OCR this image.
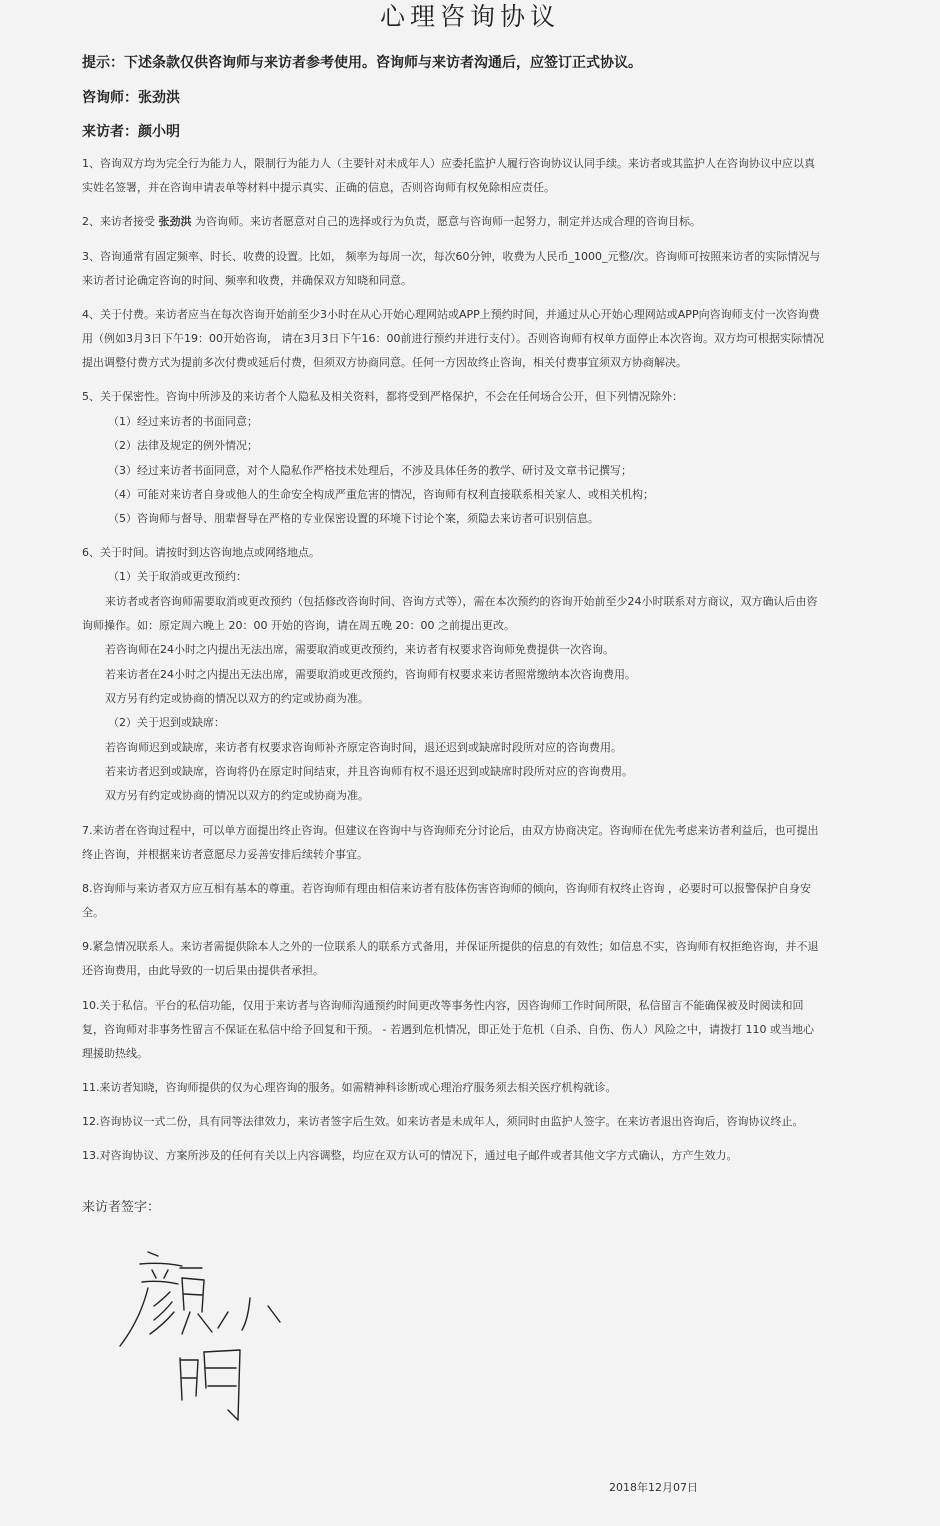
心理咨询协议
提示：下述条款仅供咨询师与来访者参考使用。咨询师与来访者沟通后，应签订正式协议。
咨询师：张劲洪
来访者：颜小明
1、咨询双方均为完全行为能力人，限制行为能力人（主要针对未成年人）应委托监护人履行咨询协议认同手续。来访者或其监护人在咨询协议中应以真
实姓名签署，并在咨询申请表单等材料中提示真实、正确的信息，否则咨询师有权免除相应责任。
2、来访者接受 张劲洪 为咨询师。来访者愿意对自己的选择或行为负责，愿意与咨询师一起努力，制定并达成合理的咨询目标。
3、咨询通常有固定频率、时长、收费的设置。比如， 频率为每周一次，每次60分钟，收费为人民币_1000_元整/次。咨询师可按照来访者的实际情况与
来访者讨论确定咨询的时间、频率和收费，并确保双方知晓和同意。
4、关于付费。来访者应当在每次咨询开始前至少3小时在从心开始心理网站或APP上预约时间，并通过从心开始心理网站或APP向咨询师支付一次咨询费
用（例如3月3日下午19：00开始咨询， 请在3月3日下午16：00前进行预约并进行支付）。否则咨询师有权单方面停止本次咨询。双方均可根据实际情况
提出调整付费方式为提前多次付费或延后付费，但须双方协商同意。任何一方因故终止咨询，相关付费事宜须双方协商解决。
5、关于保密性。咨询中所涉及的来访者个人隐私及相关资料，都将受到严格保护，不会在任何场合公开，但下列情况除外：
（1）经过来访者的书面同意；
（2）法律及规定的例外情况；
（3）经过来访者书面同意，对个人隐私作严格技术处理后，不涉及具体任务的教学、研讨及文章书记撰写；
（4）可能对来访者自身或他人的生命安全构成严重危害的情况，咨询师有权利直接联系相关家人、或相关机构；
（5）咨询师与督导、朋辈督导在严格的专业保密设置的环境下讨论个案，须隐去来访者可识别信息。
6、关于时间。请按时到达咨询地点或网络地点。
（1）关于取消或更改预约：
来访者或者咨询师需要取消或更改预约（包括修改咨询时间、咨询方式等），需在本次预约的咨询开始前至少24小时联系对方商议，双方确认后由咨
询师操作。如：原定周六晚上 20：00 开始的咨询，请在周五晚 20：00 之前提出更改。
若咨询师在24小时之内提出无法出席，需要取消或更改预约，来访者有权要求咨询师免费提供一次咨询。
若来访者在24小时之内提出无法出席，需要取消或更改预约，咨询师有权要求来访者照常缴纳本次咨询费用。
双方另有约定或协商的情况以双方的约定或协商为准。
（2）关于迟到或缺席：
若咨询师迟到或缺席，来访者有权要求咨询师补齐原定咨询时间，退还迟到或缺席时段所对应的咨询费用。
若来访者迟到或缺席，咨询将仍在原定时间结束，并且咨询师有权不退还迟到或缺席时段所对应的咨询费用。
双方另有约定或协商的情况以双方的约定或协商为准。
7.来访者在咨询过程中，可以单方面提出终止咨询。但建议在咨询中与咨询师充分讨论后，由双方协商决定。咨询师在优先考虑来访者利益后，也可提出
终止咨询，并根据来访者意愿尽力妥善安排后续转介事宜。
8.咨询师与来访者双方应互相有基本的尊重。若咨询师有理由相信来访者有肢体伤害咨询师的倾向，咨询师有权终止咨询 ，必要时可以报警保护自身安
全。
9.紧急情况联系人。来访者需提供除本人之外的一位联系人的联系方式备用，并保证所提供的信息的有效性；如信息不实，咨询师有权拒绝咨询，并不退
还咨询费用，由此导致的一切后果由提供者承担。
10.关于私信。平台的私信功能，仅用于来访者与咨询师沟通预约时间更改等事务性内容，因咨询师工作时间所限，私信留言不能确保被及时阅读和回
复，咨询师对非事务性留言不保证在私信中给予回复和干预。 - 若遇到危机情况，即正处于危机（自杀、自伤、伤人）风险之中，请拨打 110 或当地心
理援助热线。
11.来访者知晓，咨询师提供的仅为心理咨询的服务。如需精神科诊断或心理治疗服务须去相关医疗机构就诊。
12.咨询协议一式二份，具有同等法律效力，来访者签字后生效。如来访者是未成年人，须同时由监护人签字。在来访者退出咨询后，咨询协议终止。
13.对咨询协议、方案所涉及的任何有关以上内容调整，均应在双方认可的情况下，通过电子邮件或者其他文字方式确认，方产生效力。
来访者签字：
2018年12月07日
